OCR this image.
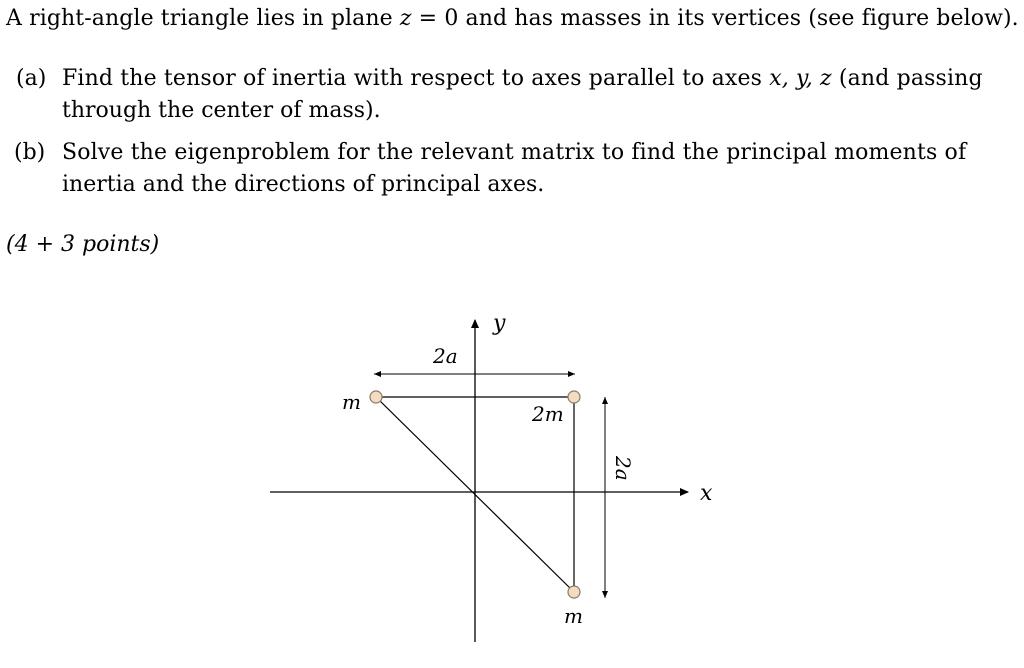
A right-angle triangle lies in plane z = 0 and has masses in its vertices (see figure below).
(a) Find the tensor of inertia with respect to axes parallel to axes x, y, z (and passing
through the center of mass).
(b) Solve the eigenproblem for the relevant matrix to find the principal moments of
inertia and the directions of principal axes.
(4 + 3 points)
y
x
2a
m	2m
m
2a
